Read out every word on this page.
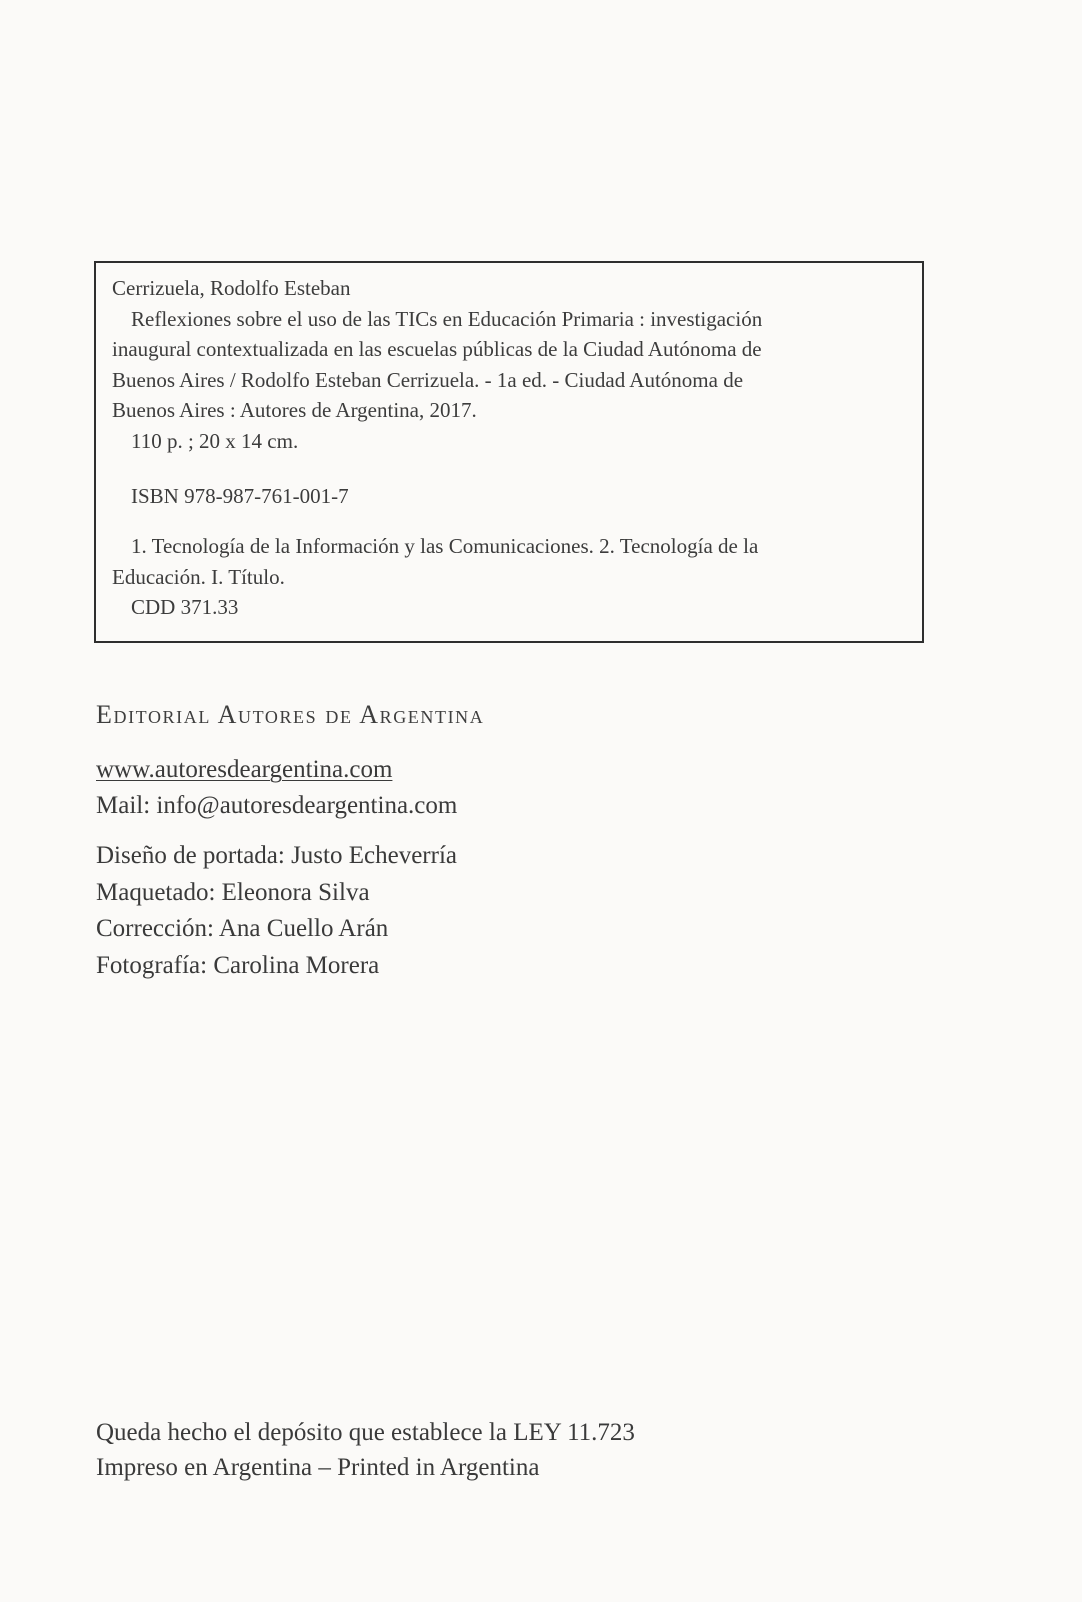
Cerrizuela, Rodolfo Esteban
Reflexiones sobre el uso de las TICs en Educación Primaria : investigación
inaugural contextualizada en las escuelas públicas de la Ciudad Autónoma de
Buenos Aires / Rodolfo Esteban Cerrizuela. - 1a ed. - Ciudad Autónoma de
Buenos Aires : Autores de Argentina, 2017.
110 p. ; 20 x 14 cm.
ISBN 978-987-761-001-7
1. Tecnología de la Información y las Comunicaciones. 2. Tecnología de la
Educación. I. Título.
CDD 371.33
Editorial Autores de Argentina
www.autoresdeargentina.com
Mail: info@autoresdeargentina.com
Diseño de portada: Justo Echeverría
Maquetado: Eleonora Silva
Corrección: Ana Cuello Arán
Fotografía: Carolina Morera
Queda hecho el depósito que establece la LEY 11.723
Impreso en Argentina – Printed in Argentina
